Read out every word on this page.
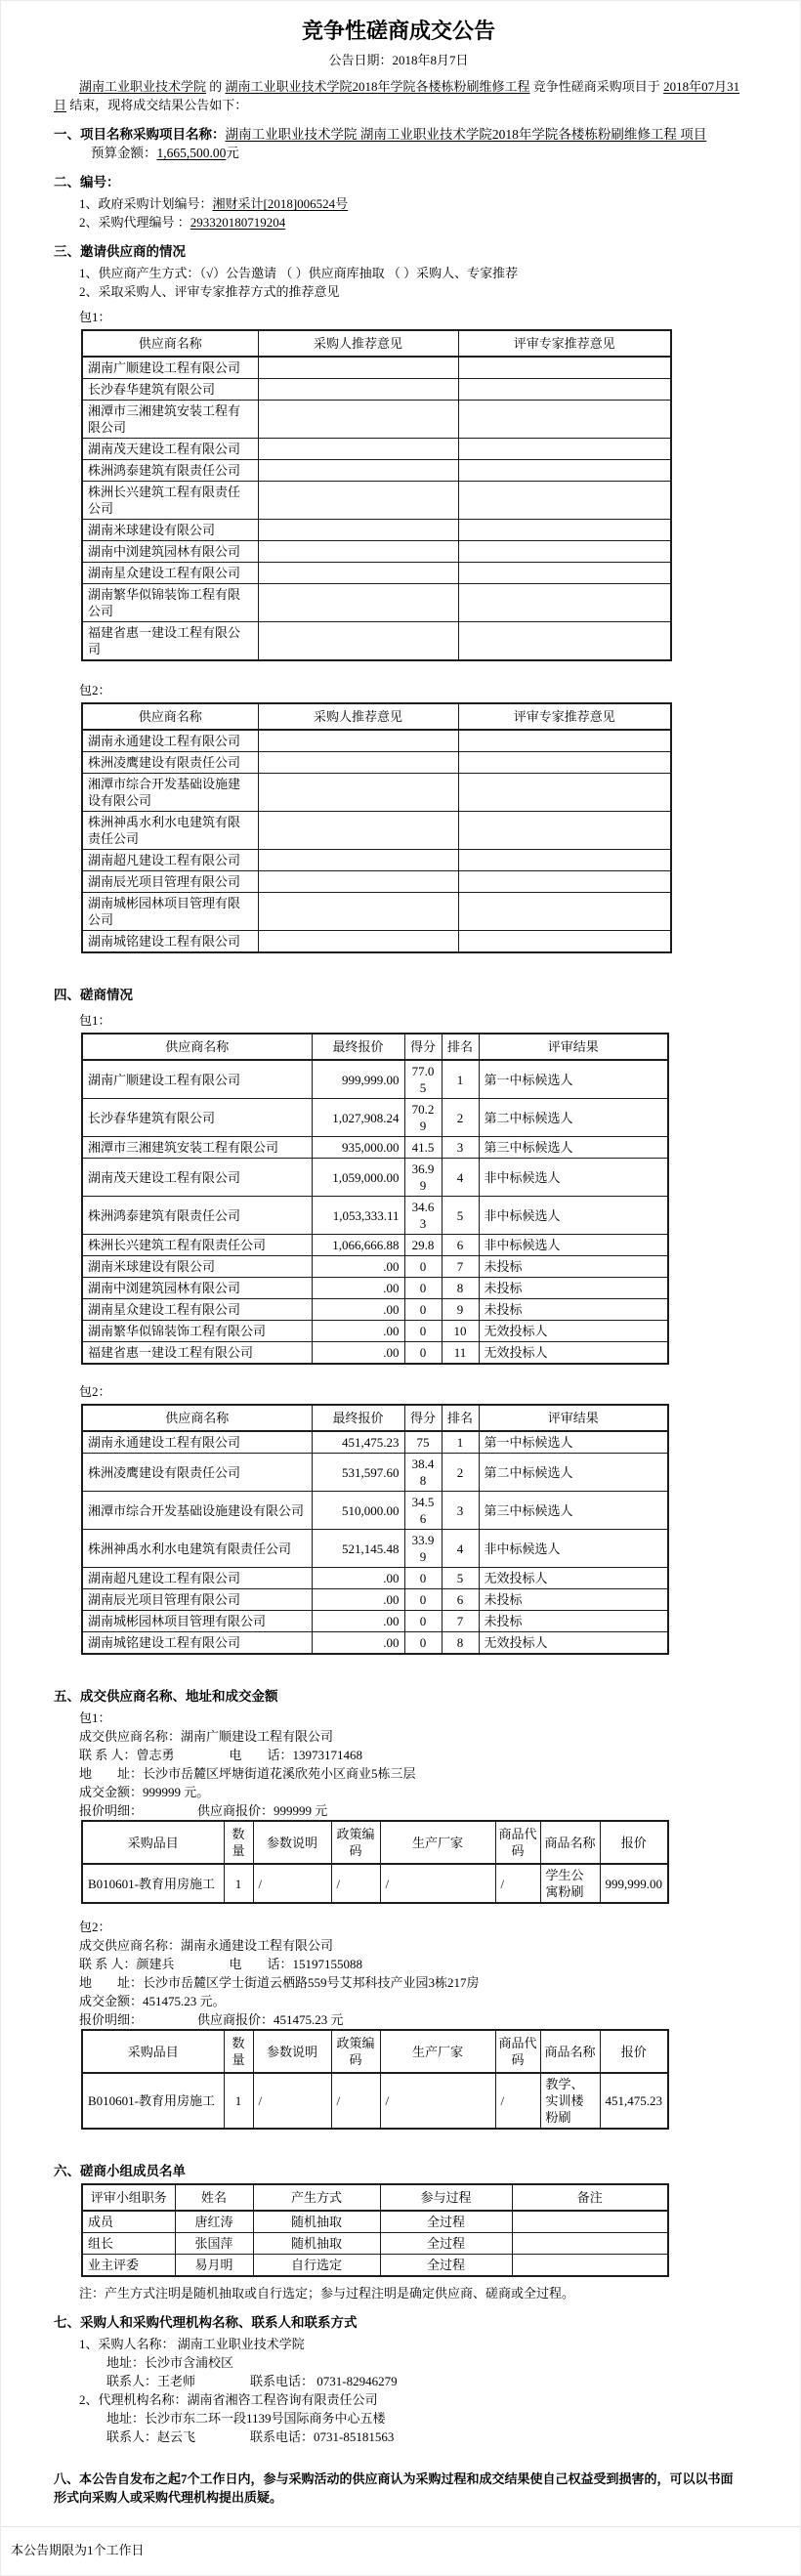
竞争性磋商成交公告
公告日期：2018年8月7日

湖南工业职业技术学院 的 湖南工业职业技术学院2018年学院各楼栋粉刷维修工程 竞争性磋商采购项目于 2018年07月31日 结束，现将成交结果公告如下：

一、项目名称采购项目名称：湖南工业职业技术学院 湖南工业职业技术学院2018年学院各楼栋粉刷维修工程 项目预算金额：1,665,500.00元

二、编号：

1、政府采购计划编号：湘财采计[2018]006524号

2、采购代理编号 ：293320180719204

三、邀请供应商的情况

1、供应商产生方式：（√）公告邀请 （ ）供应商库抽取 （ ）采购人、专家推荐

2、采取采购人、评审专家推荐方式的推荐意见

包1：

供应商名称	采购人推荐意见	评审专家推荐意见
湖南广顺建设工程有限公司		
长沙春华建筑有限公司		
湘潭市三湘建筑安装工程有限公司		
湖南茂天建设工程有限公司		
株洲鸿泰建筑有限责任公司		
株洲长兴建筑工程有限责任公司		
湖南米球建设有限公司		
湖南中浏建筑园林有限公司		
湖南星众建设工程有限公司		
湖南繁华似锦装饰工程有限公司		
福建省惠一建设工程有限公司		

包2：

供应商名称	采购人推荐意见	评审专家推荐意见
湖南永通建设工程有限公司		
株洲凌鹰建设有限责任公司		
湘潭市综合开发基础设施建设有限公司		
株洲神禹水利水电建筑有限责任公司		
湖南超凡建设工程有限公司		
湖南辰光项目管理有限公司		
湖南城彬园林项目管理有限公司		
湖南城铭建设工程有限公司		

四、磋商情况

包1：

供应商名称	最终报价	得分	排名	评审结果
湖南广顺建设工程有限公司	999,999.00	77.05	1	第一中标候选人
长沙春华建筑有限公司	1,027,908.24	70.29	2	第二中标候选人
湘潭市三湘建筑安装工程有限公司	935,000.00	41.5	3	第三中标候选人
湖南茂天建设工程有限公司	1,059,000.00	36.99	4	非中标候选人
株洲鸿泰建筑有限责任公司	1,053,333.11	34.63	5	非中标候选人
株洲长兴建筑工程有限责任公司	1,066,666.88	29.8	6	非中标候选人
湖南米球建设有限公司	.00	0	7	未投标
湖南中浏建筑园林有限公司	.00	0	8	未投标
湖南星众建设工程有限公司	.00	0	9	未投标
湖南繁华似锦装饰工程有限公司	.00	0	10	无效投标人
福建省惠一建设工程有限公司	.00	0	11	无效投标人

包2：

供应商名称	最终报价	得分	排名	评审结果
湖南永通建设工程有限公司	451,475.23	75	1	第一中标候选人
株洲凌鹰建设有限责任公司	531,597.60	38.48	2	第二中标候选人
湘潭市综合开发基础设施建设有限公司	510,000.00	34.56	3	第三中标候选人
株洲神禹水利水电建筑有限责任公司	521,145.48	33.99	4	非中标候选人
湖南超凡建设工程有限公司	.00	0	5	无效投标人
湖南辰光项目管理有限公司	.00	0	6	未投标
湖南城彬园林项目管理有限公司	.00	0	7	未投标
湖南城铭建设工程有限公司	.00	0	8	无效投标人

五、成交供应商名称、地址和成交金额

包1：

成交供应商名称：湖南广顺建设工程有限公司

联 系 人：曾志勇	电　　话：13973171468

地　　址：长沙市岳麓区坪塘街道花溪欣苑小区商业5栋三层

成交金额：999999 元。

报价明细：	供应商报价：999999 元

采购品目	数量	参数说明	政策编码	生产厂家	商品代码	商品名称	报价
B010601-教育用房施工	1	/	/	/	/	学生公寓粉刷	999,999.00

包2：

成交供应商名称：湖南永通建设工程有限公司

联 系 人：颜建兵	电　　话：15197155088

地　　址：长沙市岳麓区学士街道云栖路559号艾邦科技产业园3栋217房

成交金额：451475.23 元。

报价明细：	供应商报价：451475.23 元

采购品目	数量	参数说明	政策编码	生产厂家	商品代码	商品名称	报价
B010601-教育用房施工	1	/	/	/	/	教学、实训楼粉刷	451,475.23

六、磋商小组成员名单

评审小组职务	姓名	产生方式	参与过程	备注
成员	唐红涛	随机抽取	全过程	
组长	张国萍	随机抽取	全过程	
业主评委	易月明	自行选定	全过程	

注：产生方式注明是随机抽取或自行选定；参与过程注明是确定供应商、磋商或全过程。

七、采购人和采购代理机构名称、联系人和联系方式

1、采购人名称： 湖南工业职业技术学院

地址：长沙市含浦校区

联系人：王老师	联系电话： 0731-82946279

2、代理机构名称：湖南省湘咨工程咨询有限责任公司

地址：长沙市东二环一段1139号国际商务中心五楼

联系人：赵云飞	联系电话：0731-85181563

八、本公告自发布之起7个工作日内，参与采购活动的供应商认为采购过程和成交结果使自己权益受到损害的，可以以书面形式向采购人或采购代理机构提出质疑。

本公告期限为1个工作日
